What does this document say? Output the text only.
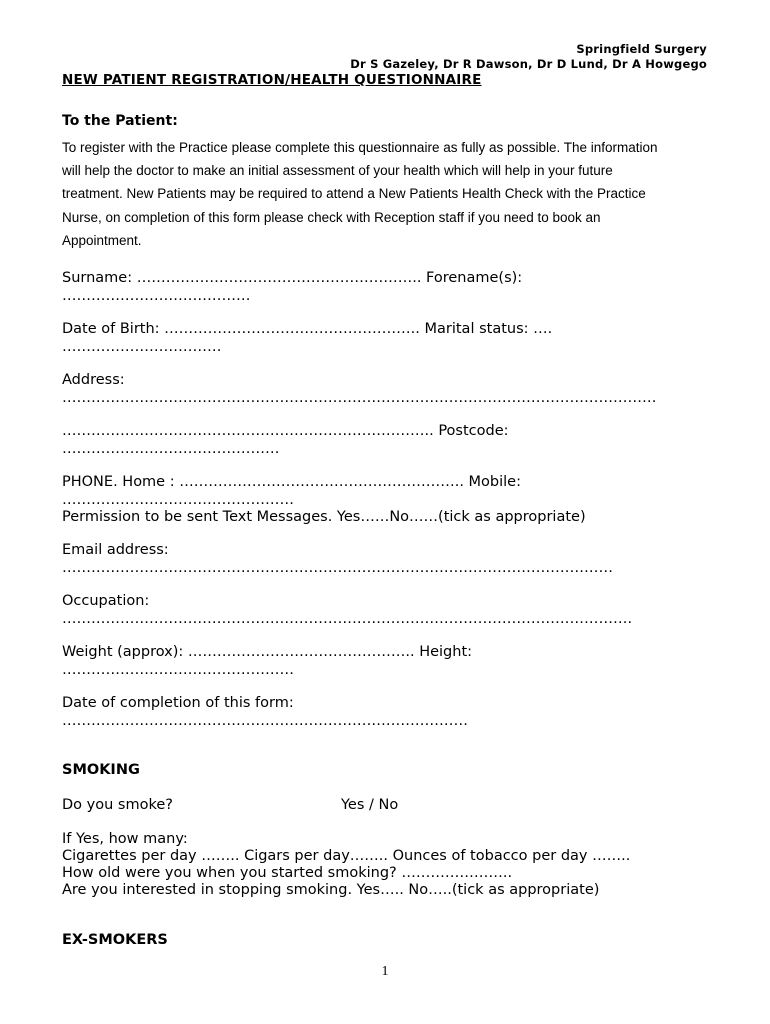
Springfield Surgery
Dr S Gazeley, Dr R Dawson, Dr D Lund, Dr A Howgego
NEW PATIENT REGISTRATION/HEALTH QUESTIONNAIRE
To the Patient:
To register with the Practice please complete this questionnaire as fully as possible. The information
will help the doctor to make an initial assessment of your health which will help in your future
treatment. New Patients may be required to attend a New Patients Health Check with the Practice
Nurse, on completion of this form please check with Reception staff if you need to book an
Appointment.
Surname: ………………………………………………….. Forename(s):
…………………………………
Date of Birth: …………………………………………….. Marital status: ….
……………………………
Address:
……………………………………………………………………………………………………………
………………………………………………………………….. Postcode:
………………………………………
PHONE. Home : ………………………………………………….. Mobile:
…………………………………………
Permission to be sent Text Messages. Yes……No……(tick as appropriate)
Email address:
……………………………………………………………………………………………………
Occupation:
……………………………………………………………………………………………………….
Weight (approx): ……………………………………….. Height:
…………………………………………
Date of completion of this form:
…………………………………………………………………………
SMOKING
Do you smoke?	Yes / No
If Yes, how many:
Cigarettes per day …….. Cigars per day…….. Ounces of tobacco per day ……..
How old were you when you started smoking? …………………..
Are you interested in stopping smoking. Yes….. No…..(tick as appropriate)
EX-SMOKERS
1
